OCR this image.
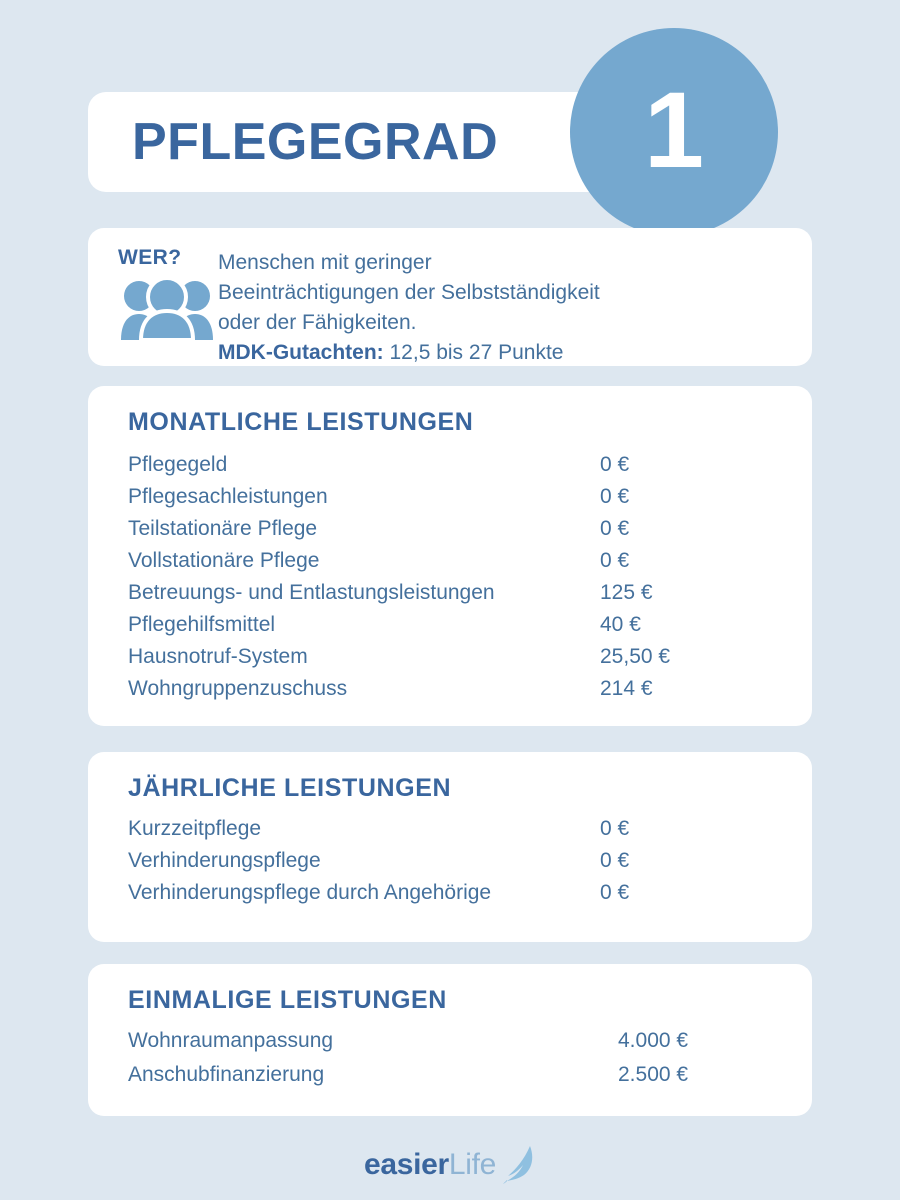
PFLEGEGRAD 1
WER?	Menschen mit geringer
Beeinträchtigungen der Selbstständigkeit
oder der Fähigkeiten.
MDK-Gutachten: 12,5 bis 27 Punkte
MONATLICHE LEISTUNGEN
Pflegegeld	0 €
Pflegesachleistungen	0 €
Teilstationäre Pflege	0 €
Vollstationäre Pflege	0 €
Betreuungs- und Entlastungsleistungen	125 €
Pflegehilfsmittel	40 €
Hausnotruf-System	25,50 €
Wohngruppenzuschuss	214 €
JÄHRLICHE LEISTUNGEN
Kurzzeitpflege	0 €
Verhinderungspflege	0 €
Verhinderungspflege durch Angehörige	0 €
EINMALIGE LEISTUNGEN
Wohnraumanpassung	4.000 €
Anschubfinanzierung	2.500 €
easier Life
